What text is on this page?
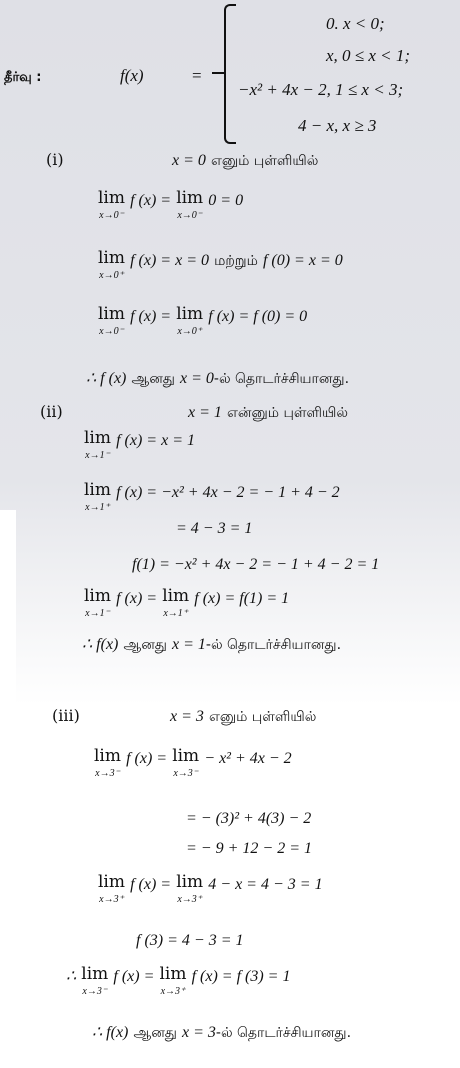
தீர்வு :	f(x)	=
0. x < 0;
x, 0 ≤ x < 1;
−x² + 4x − 2, 1 ≤ x < 3;
4 − x, x ≥ 3
(i)	x = 0 எனும் புள்ளியில்
lim
x→0⁻
f (x) = lim
x→0⁻
0 = 0
lim
x→0⁺
f (x) = x = 0 மற்றும் f (0) = x = 0
lim
x→0⁻
f (x) = lim
x→0⁺
f (x) = f (0) = 0
∴ f (x) ஆனது x = 0-ல் தொடர்ச்சியானது.
(ii)	x = 1 என்னும் புள்ளியில்
lim
x→1⁻
f (x) = x = 1
lim
x→1⁺
f (x) = −x² + 4x − 2 = − 1 + 4 − 2
= 4 − 3 = 1
f(1) = −x² + 4x − 2 = − 1 + 4 − 2 = 1
lim
x→1⁻
f (x) = lim
x→1⁺
f (x) = f(1) = 1
∴ f(x) ஆனது x = 1-ல் தொடர்ச்சியானது.
(iii)	x = 3 எனும் புள்ளியில்
lim
x→3⁻
f (x) = lim
x→3⁻
− x² + 4x − 2
= − (3)² + 4(3) − 2
= − 9 + 12 − 2 = 1
lim
x→3⁺
f (x) = lim
x→3⁺
4 − x = 4 − 3 = 1
f (3) = 4 − 3 = 1
∴ lim
x→3⁻
f (x) = lim
x→3⁺
f (x) = f (3) = 1
∴ f(x) ஆனது x = 3-ல் தொடர்ச்சியானது.
